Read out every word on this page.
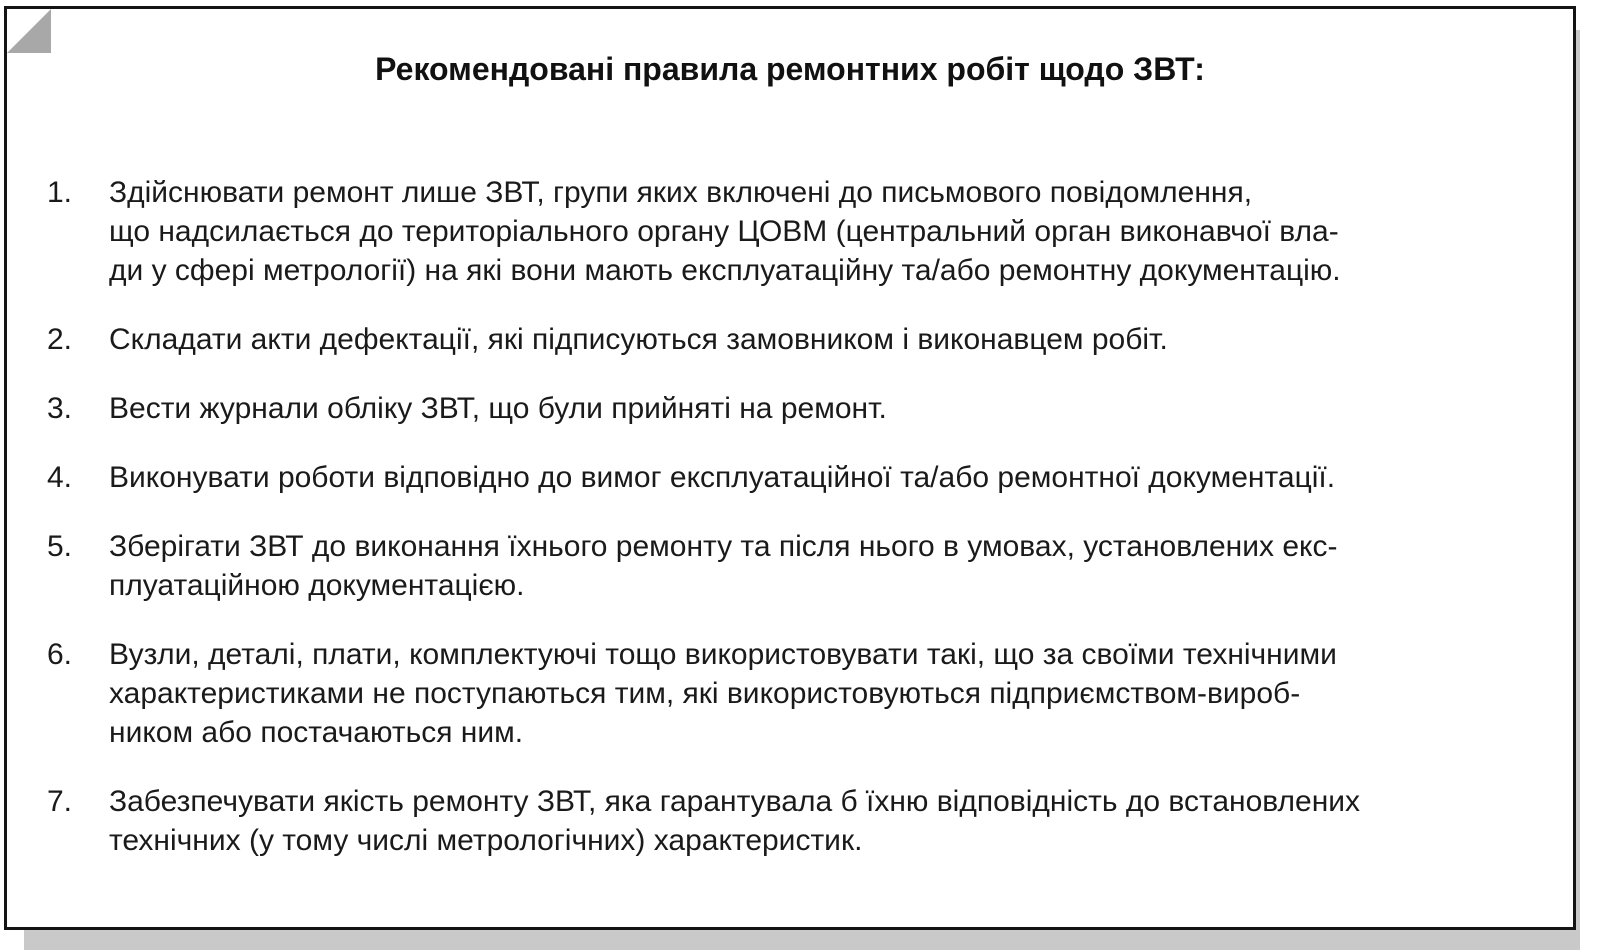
Рекомендовані правила ремонтних робіт щодо ЗВТ:
1.	Здійснювати ремонт лише ЗВТ, групи яких включені до письмового повідомлення,
що надсилається до територіального органу ЦОВМ (центральний орган виконавчої вла-
ди у сфері метрології) на які вони мають експлуатаційну та/або ремонтну документацію.
2.	Складати акти дефектації, які підписуються замовником і виконавцем робіт.
3.	Вести журнали обліку ЗВТ, що були прийняті на ремонт.
4.	Виконувати роботи відповідно до вимог експлуатаційної та/або ремонтної документації.
5.	Зберігати ЗВТ до виконання їхнього ремонту та після нього в умовах, установлених екс-
плуатаційною документацією.
6.	Вузли, деталі, плати, комплектуючі тощо використовувати такі, що за своїми технічними
характеристиками не поступаються тим, які використовуються підприємством-вироб-
ником або постачаються ним.
7.	Забезпечувати якість ремонту ЗВТ, яка гарантувала б їхню відповідність до встановлених
технічних (у тому числі метрологічних) характеристик.
